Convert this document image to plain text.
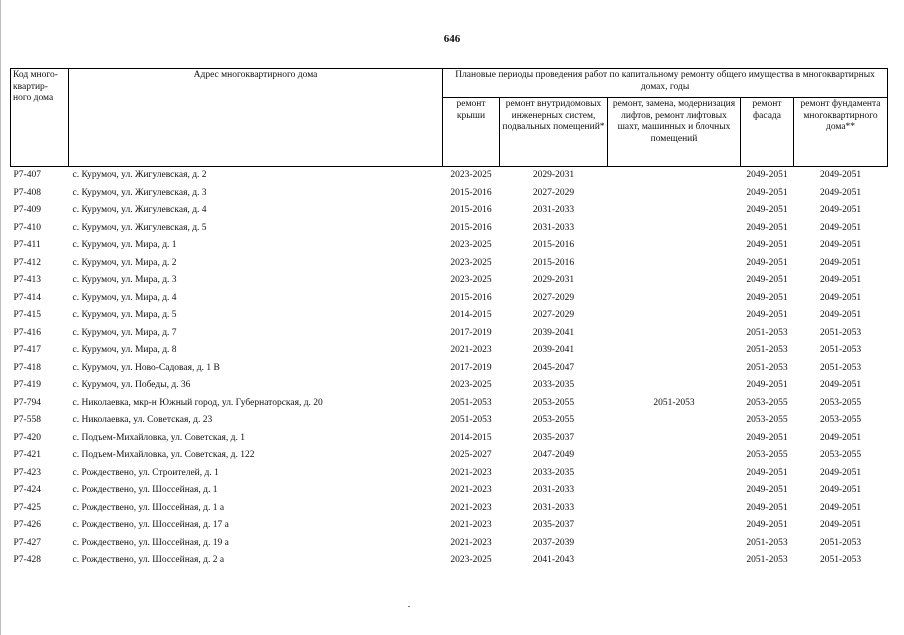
646
Код много-квартир-ного дома	Адрес многоквартирного дома	Плановые периоды проведения работ по капитальному ремонту общего имущества в многоквартирных домах, годы				
		ремонт крыши	ремонт внутридомовых инженерных систем, подвальных помещений*	ремонт, замена, модернизация лифтов, ремонт лифтовых шахт, машинных и блочных помещений	ремонт фасада	ремонт фундамента многоквартирного дома**
Р7-407	с. Курумоч, ул. Жигулевская, д. 2	2023-2025	2029-2031		2049-2051	2049-2051
Р7-408	с. Курумоч, ул. Жигулевская, д. 3	2015-2016	2027-2029		2049-2051	2049-2051
Р7-409	с. Курумоч, ул. Жигулевская, д. 4	2015-2016	2031-2033		2049-2051	2049-2051
Р7-410	с. Курумоч, ул. Жигулевская, д. 5	2015-2016	2031-2033		2049-2051	2049-2051
Р7-411	с. Курумоч, ул. Мира, д. 1	2023-2025	2015-2016		2049-2051	2049-2051
Р7-412	с. Курумоч, ул. Мира, д. 2	2023-2025	2015-2016		2049-2051	2049-2051
Р7-413	с. Курумоч, ул. Мира, д. 3	2023-2025	2029-2031		2049-2051	2049-2051
Р7-414	с. Курумоч, ул. Мира, д. 4	2015-2016	2027-2029		2049-2051	2049-2051
Р7-415	с. Курумоч, ул. Мира, д. 5	2014-2015	2027-2029		2049-2051	2049-2051
Р7-416	с. Курумоч, ул. Мира, д. 7	2017-2019	2039-2041		2051-2053	2051-2053
Р7-417	с. Курумоч, ул. Мира, д. 8	2021-2023	2039-2041		2051-2053	2051-2053
Р7-418	с. Курумоч, ул. Ново-Садовая, д. 1 В	2017-2019	2045-2047		2051-2053	2051-2053
Р7-419	с. Курумоч, ул. Победы, д. 36	2023-2025	2033-2035		2049-2051	2049-2051
Р7-794	с. Николаевка, мкр-н Южный город, ул. Губернаторская, д. 20	2051-2053	2053-2055	2051-2053	2053-2055	2053-2055
Р7-558	с. Николаевка, ул. Советская, д. 23	2051-2053	2053-2055		2053-2055	2053-2055
Р7-420	с. Подъем-Михайловка, ул. Советская, д. 1	2014-2015	2035-2037		2049-2051	2049-2051
Р7-421	с. Подъем-Михайловка, ул. Советская, д. 122	2025-2027	2047-2049		2053-2055	2053-2055
Р7-423	с. Рождествено, ул. Строителей, д. 1	2021-2023	2033-2035		2049-2051	2049-2051
Р7-424	с. Рождествено, ул. Шоссейная, д. 1	2021-2023	2031-2033		2049-2051	2049-2051
Р7-425	с. Рождествено, ул. Шоссейная, д. 1 а	2021-2023	2031-2033		2049-2051	2049-2051
Р7-426	с. Рождествено, ул. Шоссейная, д. 17 а	2021-2023	2035-2037		2049-2051	2049-2051
Р7-427	с. Рождествено, ул. Шоссейная, д. 19 а	2021-2023	2037-2039		2051-2053	2051-2053
Р7-428	с. Рождествено, ул. Шоссейная, д. 2 а	2023-2025	2041-2043		2051-2053	2051-2053
